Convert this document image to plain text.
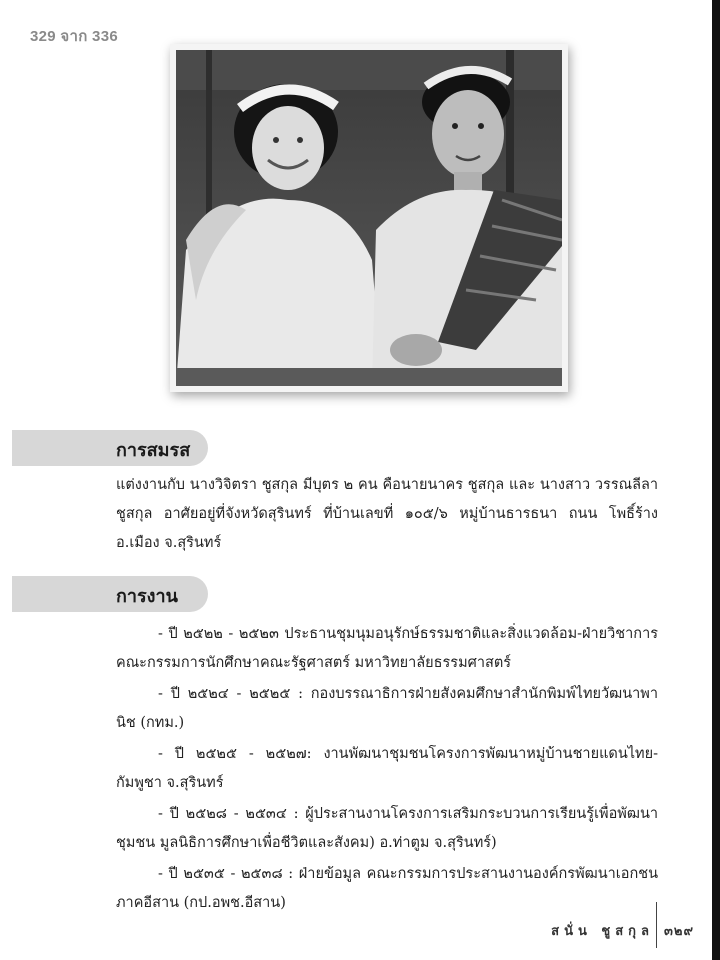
329 จาก 336
การสมรส
แต่งงานกับ นางวิจิตรา ชูสกุล มีบุตร ๒ คน คือนายนาคร ชูสกุล และ นางสาว วรรณลีลา ชูสกุล อาศัยอยู่ที่จังหวัดสุรินทร์ ที่บ้านเลขที่ ๑๐๕/๖ หมู่บ้านธารธนา ถนน โพธิ์ร้าง อ.เมือง จ.สุรินทร์
การงาน
- ปี ๒๕๒๒ - ๒๕๒๓ ประธานชุมนุมอนุรักษ์ธรรมชาติและสิ่งแวดล้อม-ฝ่ายวิชาการ คณะกรรมการนักศึกษาคณะรัฐศาสตร์ มหาวิทยาลัยธรรมศาสตร์
- ปี ๒๕๒๔ - ๒๕๒๕ : กองบรรณาธิการฝ่ายสังคมศึกษาสำนักพิมพ์ไทยวัฒนาพานิช (กทม.)
- ปี ๒๕๒๕ - ๒๕๒๗: งานพัฒนาชุมชนโครงการพัฒนาหมู่บ้านชายแดนไทย-กัมพูชา จ.สุรินทร์
- ปี ๒๕๒๘ - ๒๕๓๔ : ผู้ประสานงานโครงการเสริมกระบวนการเรียนรู้เพื่อพัฒนา ชุมชน มูลนิธิการศึกษาเพื่อชีวิตและสังคม) อ.ท่าตูม จ.สุรินทร์)
- ปี ๒๕๓๕ - ๒๕๓๘ : ฝ่ายข้อมูล คณะกรรมการประสานงานองค์กรพัฒนาเอกชน ภาคอีสาน (กป.อพช.อีสาน)
สนั่น ชูสกุล ๓๒๙
